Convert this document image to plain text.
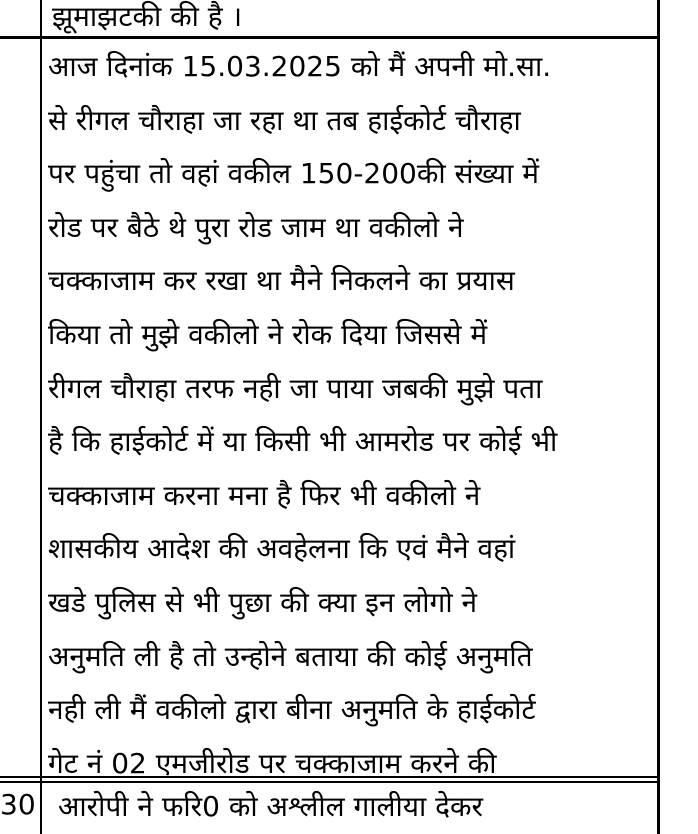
झूमाझटकी की है ।
आज दिनांक 15.03.2025 को मैं अपनी मो.सा.
से रीगल चौराहा जा रहा था तब हाईकोर्ट चौराहा
पर पहुंचा तो वहां वकील 150-200की संख्या में
रोड पर बैठे थे पुरा रोड जाम था वकीलो ने
चक्काजाम कर रखा था मैने निकलने का प्रयास
किया तो मुझे वकीलो ने रोक दिया जिससे में
रीगल चौराहा तरफ नही जा पाया जबकी मुझे पता
है कि हाईकोर्ट में या किसी भी आमरोड पर कोई भी
चक्काजाम करना मना है फिर भी वकीलो ने
शासकीय आदेश की अवहेलना कि एवं मैने वहां
खडे पुलिस से भी पुछा की क्या इन लोगो ने
अनुमति ली है तो उन्होने बताया की कोई अनुमति
नही ली मैं वकीलो द्वारा बीना अनुमति के हाईकोर्ट
गेट नं 02 एमजीरोड पर चक्काजाम करने की
30 आरोपी ने फरि0 को अश्लील गालीया देकर
